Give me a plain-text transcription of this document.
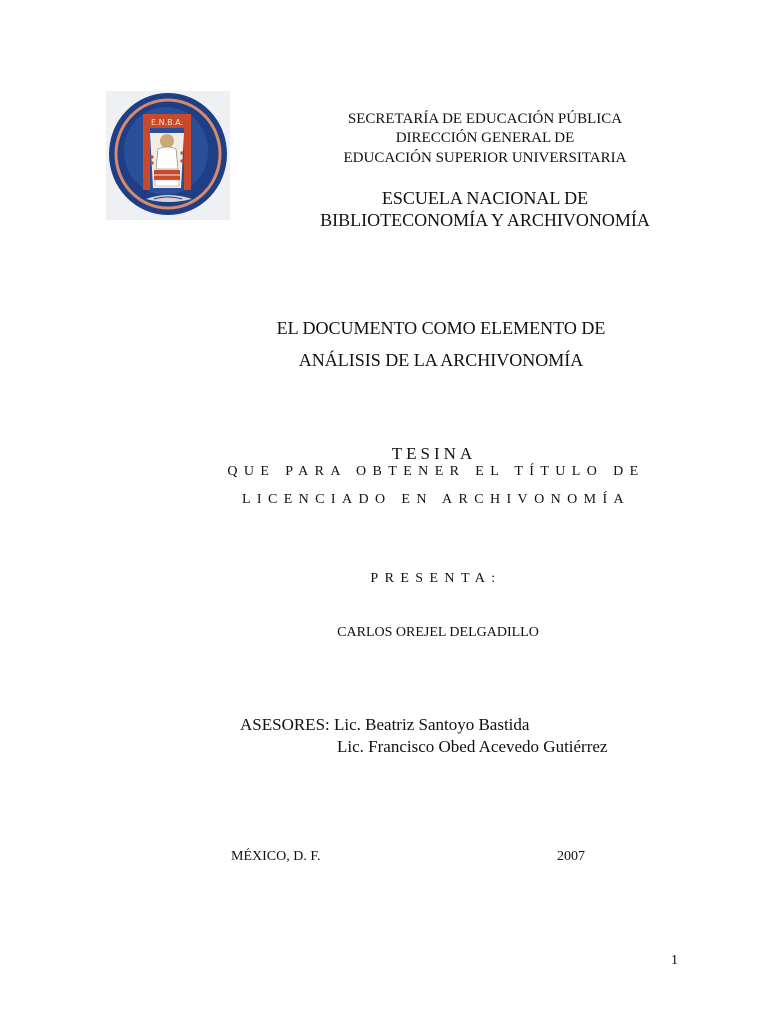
E.N.B.A.	SECRETARÍA DE EDUCACIÓN PÚBLICA
DIRECCIÓN GENERAL DE
EDUCACIÓN SUPERIOR UNIVERSITARIA
ESCUELA NACIONAL DE
BIBLIOTECONOMÍA Y ARCHIVONOMÍA
EL DOCUMENTO COMO ELEMENTO DE
ANÁLISIS DE LA ARCHIVONOMÍA
TESINA
QUE PARA OBTENER EL TÍTULO DE
LICENCIADO EN ARCHIVONOMÍA
PRESENTA:
CARLOS OREJEL DELGADILLO
ASESORES: Lic. Beatriz Santoyo Bastida
Lic. Francisco Obed Acevedo Gutiérrez
MÉXICO, D. F.	2007
1
